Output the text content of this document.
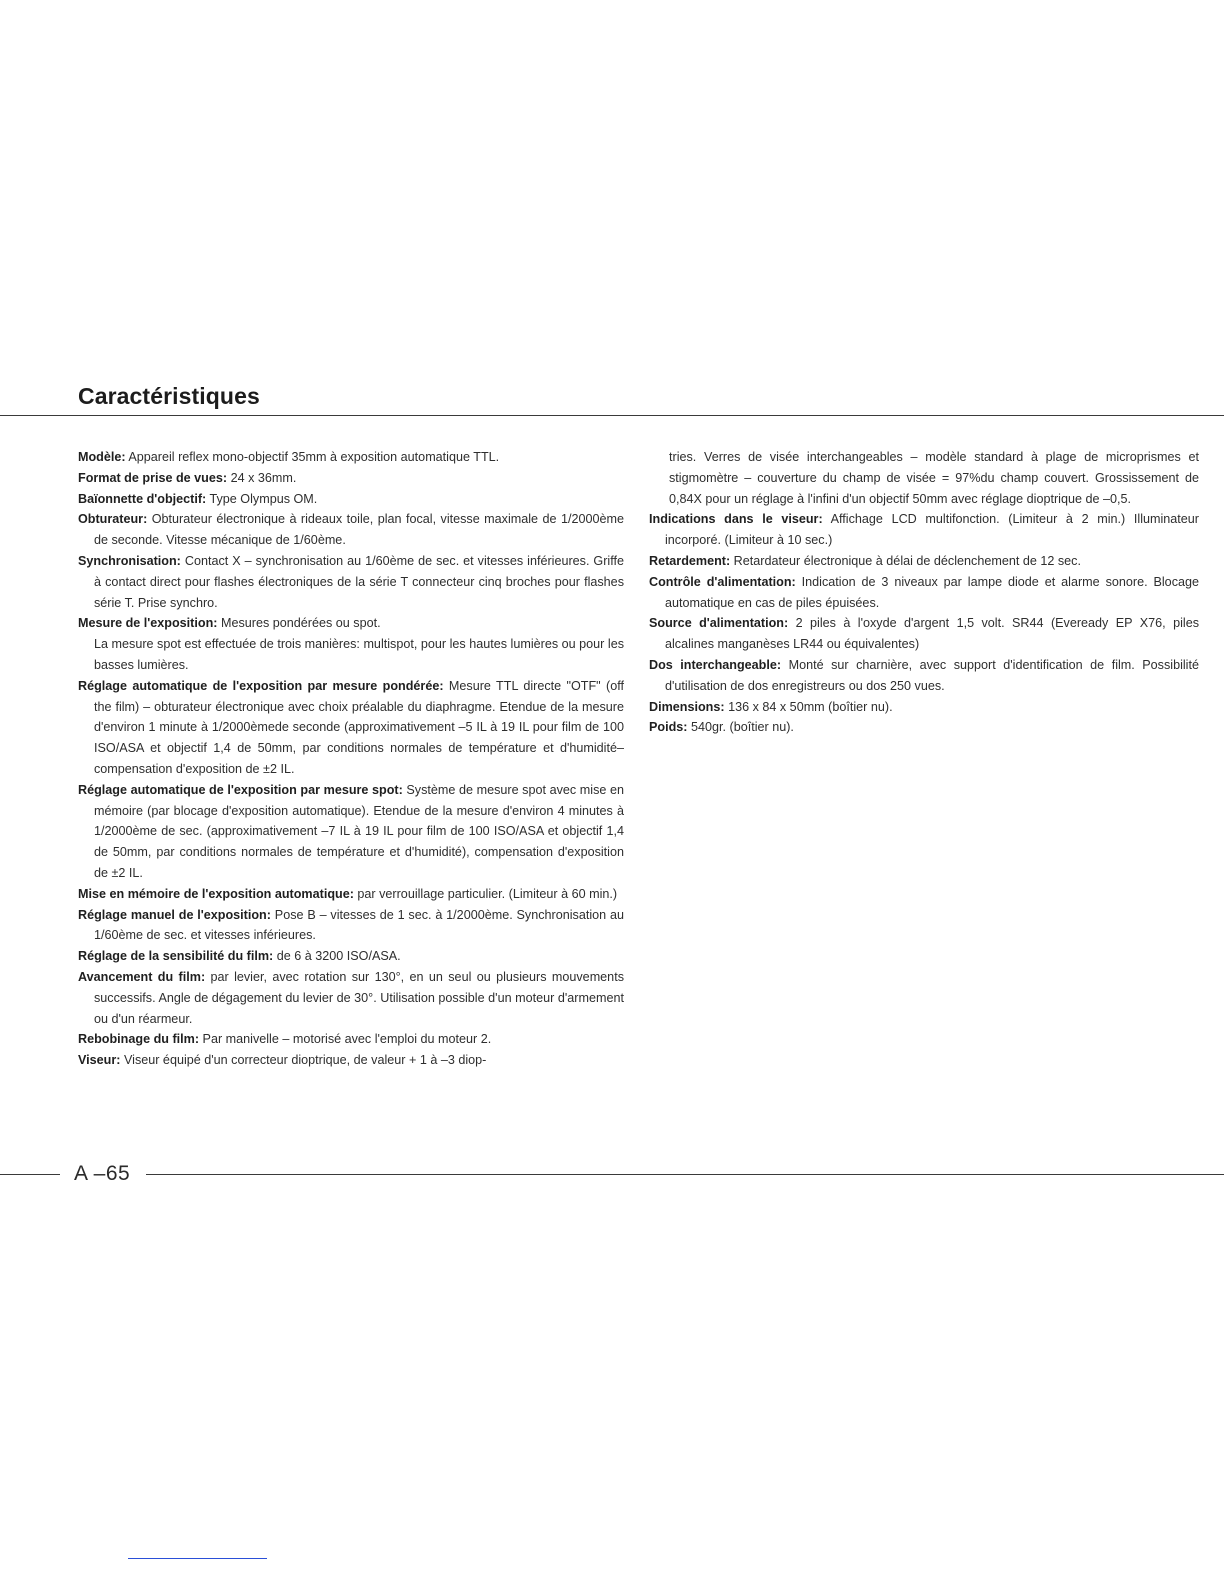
Caractéristiques

Modèle: Appareil reflex mono-objectif 35mm à exposition automatique TTL.

Format de prise de vues: 24 x 36mm.

Baïonnette d'objectif: Type Olympus OM.

Obturateur: Obturateur électronique à rideaux toile, plan focal, vitesse maximale de 1/2000ème de seconde. Vitesse mécanique de 1/60ème.

Synchronisation: Contact X – synchronisation au 1/60ème de sec. et vitesses inférieures. Griffe à contact direct pour flashes électroniques de la série T connecteur cinq broches pour flashes série T. Prise synchro.

Mesure de l'exposition: Mesures pondérées ou spot.
La mesure spot est effectuée de trois manières: multispot, pour les hautes lumières ou pour les basses lumières.

Réglage automatique de l'exposition par mesure pondérée: Mesure TTL directe "OTF" (off the film) – obturateur électronique avec choix préalable du diaphragme. Etendue de la mesure d'environ 1 minute à 1/2000èmede seconde (approximativement –5 IL à 19 IL pour film de 100 ISO/ASA et objectif 1,4 de 50mm, par conditions normales de température et d'humidité– compensation d'exposition de ±2 IL.

Réglage automatique de l'exposition par mesure spot: Système de mesure spot avec mise en mémoire (par blocage d'exposition automatique). Etendue de la mesure d'environ 4 minutes à 1/2000ème de sec. (approximativement –7 IL à 19 IL pour film de 100 ISO/ASA et objectif 1,4 de 50mm, par conditions normales de température et d'humidité), compensation d'exposition de ±2 IL.

Mise en mémoire de l'exposition automatique: par verrouillage particulier. (Limiteur à 60 min.)

Réglage manuel de l'exposition: Pose B – vitesses de 1 sec. à 1/2000ème. Synchronisation au 1/60ème de sec. et vitesses inférieures.

Réglage de la sensibilité du film: de 6 à 3200 ISO/ASA.

Avancement du film: par levier, avec rotation sur 130°, en un seul ou plusieurs mouvements successifs. Angle de dégagement du levier de 30°. Utilisation possible d'un moteur d'armement ou d'un réarmeur.

Rebobinage du film: Par manivelle – motorisé avec l'emploi du moteur 2.

Viseur: Viseur équipé d'un correcteur dioptrique, de valeur + 1 à –3 diop-

tries. Verres de visée interchangeables – modèle standard à plage de microprismes et stigmomètre – couverture du champ de visée = 97%du champ couvert. Grossissement de 0,84X pour un réglage à l'infini d'un objectif 50mm avec réglage dioptrique de –0,5.

Indications dans le viseur: Affichage LCD multifonction. (Limiteur à 2 min.) Illuminateur incorporé. (Limiteur à 10 sec.)

Retardement: Retardateur électronique à délai de déclenchement de 12 sec.

Contrôle d'alimentation: Indication de 3 niveaux par lampe diode et alarme sonore. Blocage automatique en cas de piles épuisées.

Source d'alimentation: 2 piles à l'oxyde d'argent 1,5 volt. SR44 (Eveready EP X76, piles alcalines manganèses LR44 ou équivalentes)

Dos interchangeable: Monté sur charnière, avec support d'identification de film. Possibilité d'utilisation de dos enregistreurs ou dos 250 vues.

Dimensions: 136 x 84 x 50mm (boîtier nu).

Poids: 540gr. (boîtier nu).

A –65
